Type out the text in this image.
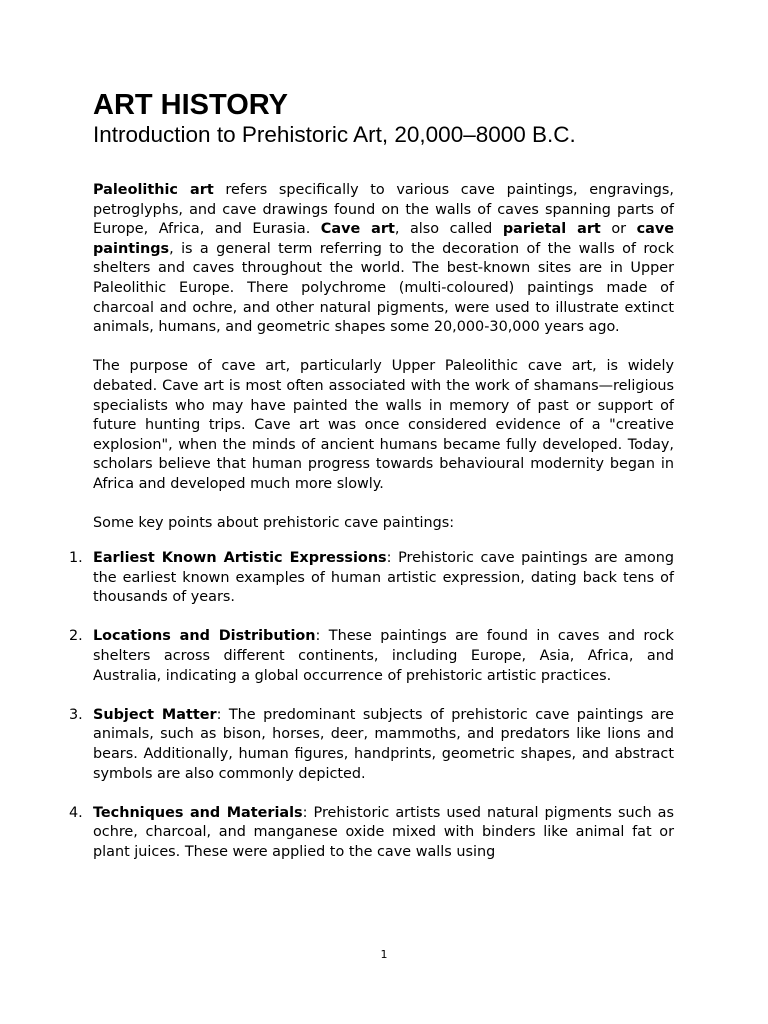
ART HISTORY
Introduction to Prehistoric Art, 20,000–8000 B.C.

Paleolithic art refers specifically to various cave paintings, engravings, petroglyphs, and cave drawings found on the walls of caves spanning parts of Europe, Africa, and Eurasia. Cave art, also called parietal art or cave paintings, is a general term referring to the decoration of the walls of rock shelters and caves throughout the world. The best-known sites are in Upper Paleolithic Europe. There polychrome (multi-coloured) paintings made of charcoal and ochre, and other natural pigments, were used to illustrate extinct animals, humans, and geometric shapes some 20,000-30,000 years ago.

The purpose of cave art, particularly Upper Paleolithic cave art, is widely debated. Cave art is most often associated with the work of shamans—religious specialists who may have painted the walls in memory of past or support of future hunting trips. Cave art was once considered evidence of a "creative explosion", when the minds of ancient humans became fully developed. Today, scholars believe that human progress towards behavioural modernity began in Africa and developed much more slowly.

Some key points about prehistoric cave paintings:

1. Earliest Known Artistic Expressions: Prehistoric cave paintings are among the earliest known examples of human artistic expression, dating back tens of thousands of years.
2. Locations and Distribution: These paintings are found in caves and rock shelters across different continents, including Europe, Asia, Africa, and Australia, indicating a global occurrence of prehistoric artistic practices.
3. Subject Matter: The predominant subjects of prehistoric cave paintings are animals, such as bison, horses, deer, mammoths, and predators like lions and bears. Additionally, human figures, handprints, geometric shapes, and abstract symbols are also commonly depicted.
4. Techniques and Materials: Prehistoric artists used natural pigments such as ochre, charcoal, and manganese oxide mixed with binders like animal fat or plant juices. These were applied to the cave walls using
1
